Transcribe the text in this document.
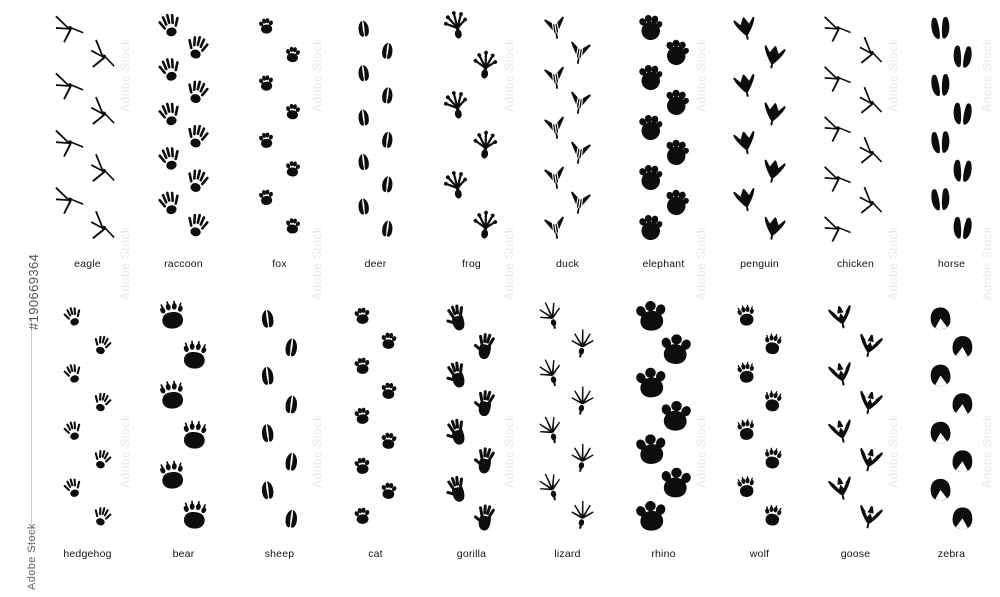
Adobe Stock
Adobe Stock
Adobe Stock
Adobe Stock
Adobe Stock
Adobe Stock
Adobe Stock
Adobe Stock
Adobe Stock
Adobe Stock
Adobe Stock
Adobe Stock
Adobe Stock
Adobe Stock
Adobe Stock
Adobe Stock
Adobe Stock
Adobe Stock
#190669364
Adobe Stock
eagle	raccoon	fox	deer	frog	duck	elephant	penguin	chicken	horse
hedgehog	bear	sheep	cat	gorilla	lizard	rhino	wolf	goose	zebra
